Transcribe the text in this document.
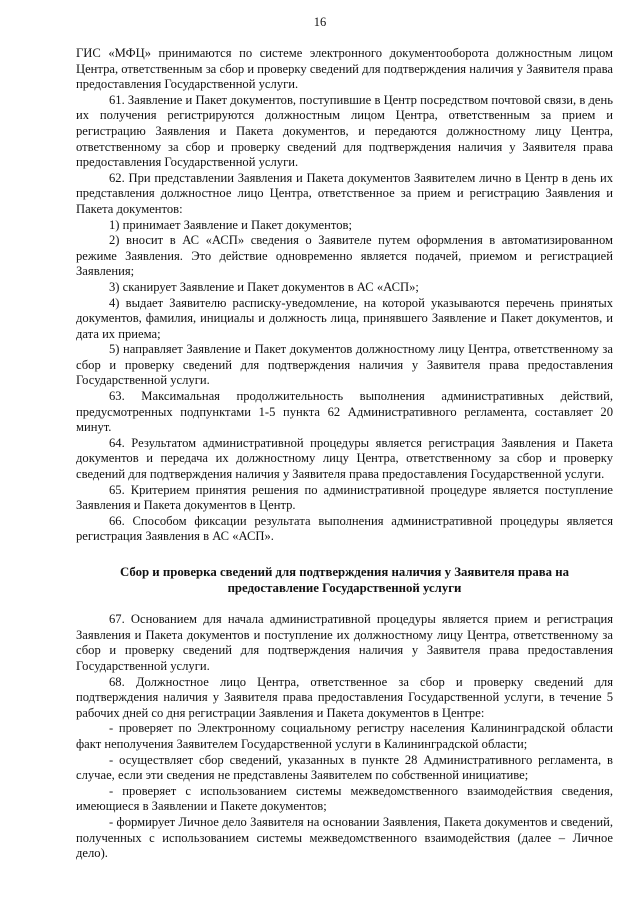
16

ГИС «МФЦ» принимаются по системе электронного документооборота должностным лицом Центра, ответственным за сбор и проверку сведений для подтверждения наличия у Заявителя права предоставления Государственной услуги.

61. Заявление и Пакет документов, поступившие в Центр посредством почтовой связи, в день их получения регистрируются должностным лицом Центра, ответственным за прием и регистрацию Заявления и Пакета документов, и передаются должностному лицу Центра, ответственному за сбор и проверку сведений для подтверждения наличия у Заявителя права предоставления Государственной услуги.

62. При представлении Заявления и Пакета документов Заявителем лично в Центр в день их представления должностное лицо Центра, ответственное за прием и регистрацию Заявления и Пакета документов:

1) принимает Заявление и Пакет документов;

2) вносит в АС «АСП» сведения о Заявителе путем оформления в автоматизированном режиме Заявления. Это действие одновременно является подачей, приемом и регистрацией Заявления;

3) сканирует Заявление и Пакет документов в АС «АСП»;

4) выдает Заявителю расписку-уведомление, на которой указываются перечень принятых документов, фамилия, инициалы и должность лица, принявшего Заявление и Пакет документов, и дата их приема;

5) направляет Заявление и Пакет документов должностному лицу Центра, ответственному за сбор и проверку сведений для подтверждения наличия у Заявителя права предоставления Государственной услуги.

63. Максимальная продолжительность выполнения административных действий, предусмотренных подпунктами 1-5 пункта 62 Административного регламента, составляет 20 минут.

64. Результатом административной процедуры является регистрация Заявления и Пакета документов и передача их должностному лицу Центра, ответственному за сбор и проверку сведений для подтверждения наличия у Заявителя права предоставления Государственной услуги.

65. Критерием принятия решения по административной процедуре является поступление Заявления и Пакета документов в Центр.

66. Способом фиксации результата выполнения административной процедуры является регистрация Заявления в АС «АСП».

Сбор и проверка сведений для подтверждения наличия у Заявителя права на предоставление Государственной услуги

67. Основанием для начала административной процедуры является прием и регистрация Заявления и Пакета документов и поступление их должностному лицу Центра, ответственному за сбор и проверку сведений для подтверждения наличия у Заявителя права предоставления Государственной услуги.

68. Должностное лицо Центра, ответственное за сбор и проверку сведений для подтверждения наличия у Заявителя права предоставления Государственной услуги, в течение 5 рабочих дней со дня регистрации Заявления и Пакета документов в Центре:

- проверяет по Электронному социальному регистру населения Калининградской области факт неполучения Заявителем Государственной услуги в Калининградской области;

- осуществляет сбор сведений, указанных в пункте 28 Административного регламента, в случае, если эти сведения не представлены Заявителем по собственной инициативе;

- проверяет с использованием системы межведомственного взаимодействия сведения, имеющиеся в Заявлении и Пакете документов;

- формирует Личное дело Заявителя на основании Заявления, Пакета документов и сведений, полученных с использованием системы межведомственного взаимодействия (далее – Личное дело).
